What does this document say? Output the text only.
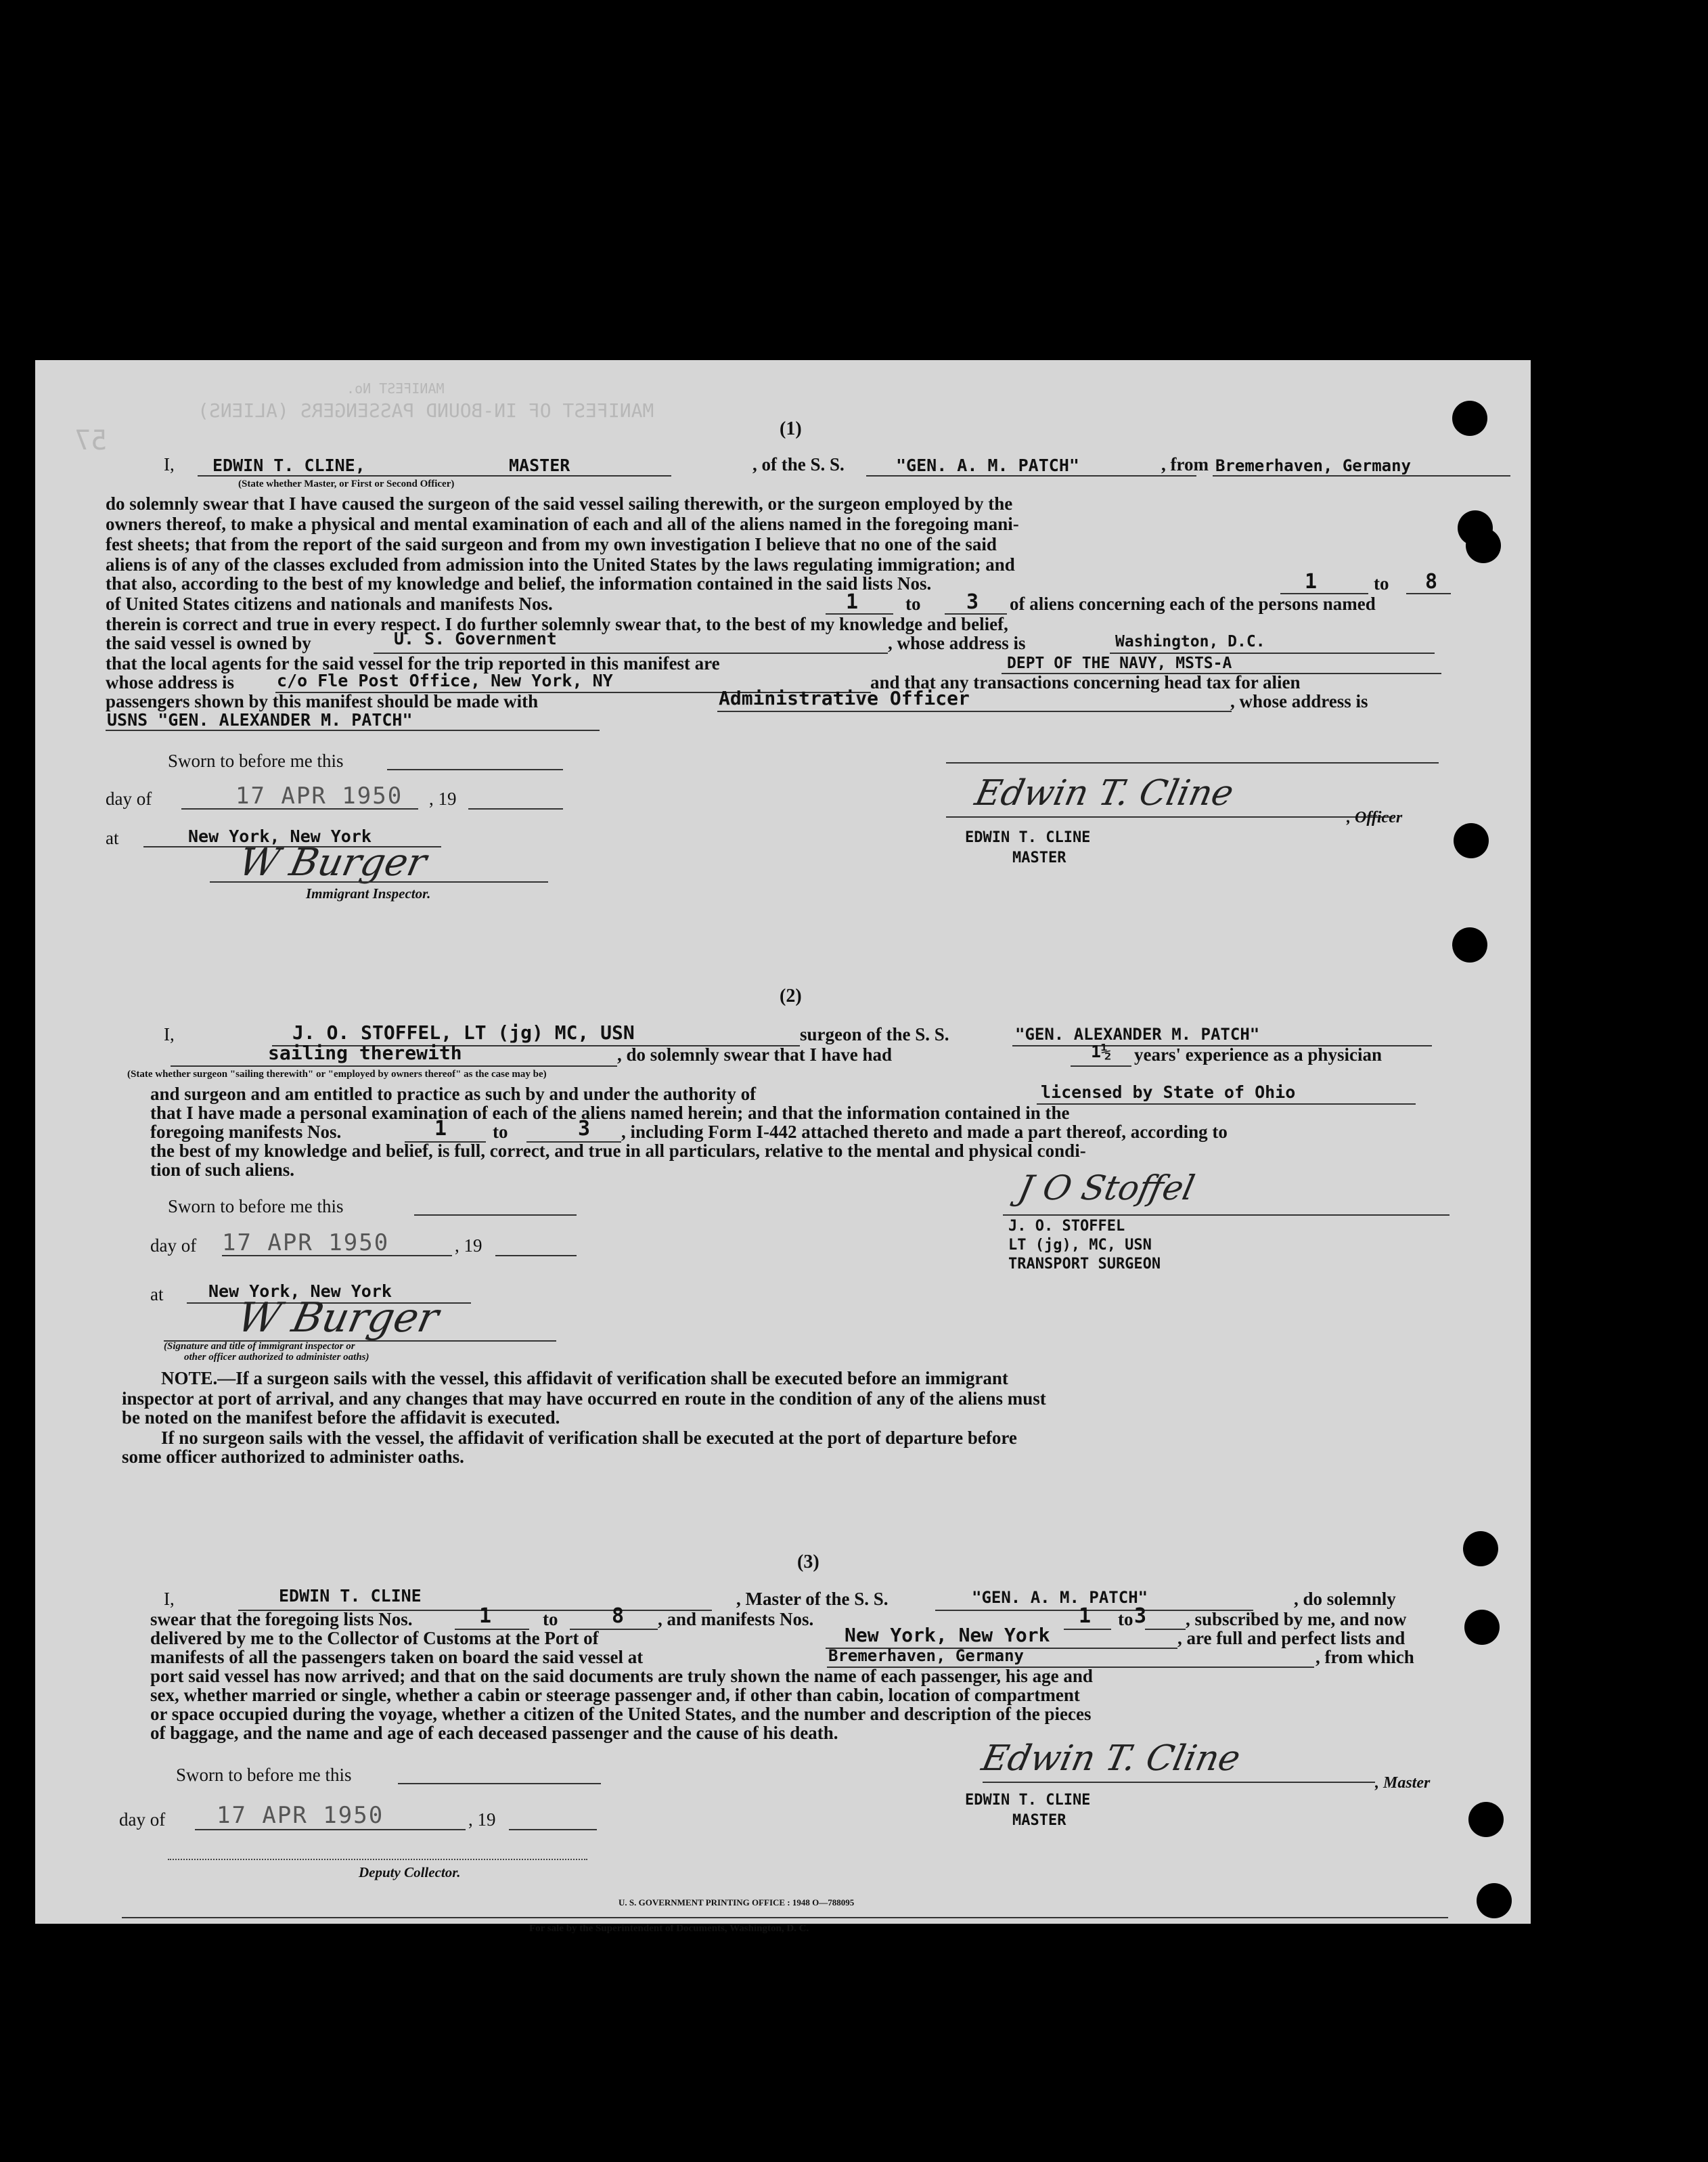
MANIFEST OF IN-BOUND PASSENGERS (ALIENS)
MANIFEST No.
57	(1)
I, EDWIN T. CLINE,	MASTER
(State whether Master, or First or Second Officer)
, of the S. S.	"GEN. A. M. PATCH"	, from Bremerhaven, Germany
do solemnly swear that I have caused the surgeon of the said vessel sailing therewith, or the surgeon employed by the
owners thereof, to make a physical and mental examination of each and all of the aliens named in the foregoing mani-
fest sheets; that from the report of the said surgeon and from my own investigation I believe that no one of the said
aliens is of any of the classes excluded from admission into the United States by the laws regulating immigration; and
that also, according to the best of my knowledge and belief, the information contained in the said lists Nos.	1	to 8
of United States citizens and nationals and manifests Nos.	1	to 3 of aliens concerning each of the persons named
therein is correct and true in every respect. I do further solemnly swear that, to the best of my knowledge and belief,
the said vessel is owned by	U. S. Government	, whose address is	Washington, D.C.
that the local agents for the said vessel for the trip reported in this manifest are	DEPT OF THE NAVY, MSTS-A
whose address is	c/o Fle Post Office, New York, NY	and that any transactions concerning head tax for alien
passengers shown by this manifest should be made with	Administrative Officer	, whose address is
USNS "GEN. ALEXANDER M. PATCH"
Sworn to before me this
day of	17 APR 1950 , 19	Edwin T. Cline
, Officer
EDWIN T. CLINE
MASTER
at	New York, New York
W Burger
Immigrant Inspector.
(2)
I,	J. O. STOFFEL, LT (jg) MC, USN	surgeon of the S. S.	"GEN. ALEXANDER M. PATCH"
sailing therewith	, do solemnly swear that I have had	1½ years' experience as a physician
(State whether surgeon "sailing therewith" or "employed by owners thereof" as the case may be)
and surgeon and am entitled to practice as such by and under the authority of	licensed by State of Ohio
that I have made a personal examination of each of the aliens named herein; and that the information contained in the
foregoing manifests Nos.	1	to	3 , including Form I-442 attached thereto and made a part thereof, according to
the best of my knowledge and belief, is full, correct, and true in all particulars, relative to the mental and physical condi-
tion of such aliens.
Sworn to before me this	J O Stoffel
J. O. STOFFEL
LT (jg), MC, USN
TRANSPORT SURGEON
day of 17 APR 1950	, 19
at	New York, New York
W Burger
(Signature and title of immigrant inspector or
other officer authorized to administer oaths)
NOTE.—If a surgeon sails with the vessel, this affidavit of verification shall be executed before an immigrant
inspector at port of arrival, and any changes that may have occurred en route in the condition of any of the aliens must
be noted on the manifest before the affidavit is executed.
If no surgeon sails with the vessel, the affidavit of verification shall be executed at the port of departure before
some officer authorized to administer oaths.
(3)
I,	EDWIN T. CLINE	, Master of the S. S.	"GEN. A. M. PATCH"	, do solemnly
swear that the foregoing lists Nos.	1	to	8 , and manifests Nos.	1 to 3 , subscribed by me, and now
delivered by me to the Collector of Customs at the Port of	New York, New York	, are full and perfect lists and
manifests of all the passengers taken on board the said vessel at	Bremerhaven, Germany	, from which
port said vessel has now arrived; and that on the said documents are truly shown the name of each passenger, his age and
sex, whether married or single, whether a cabin or steerage passenger and, if other than cabin, location of compartment
or space occupied during the voyage, whether a citizen of the United States, and the number and description of the pieces
of baggage, and the name and age of each deceased passenger and the cause of his death.
Sworn to before me this	Edwin T. Cline
, Master
EDWIN T. CLINE
MASTER
day of 17 APR 1950	, 19
Deputy Collector.
U. S. GOVERNMENT PRINTING OFFICE : 1948 O—788095
For sale by the Superintendent of Documents, Washington, D. C.
